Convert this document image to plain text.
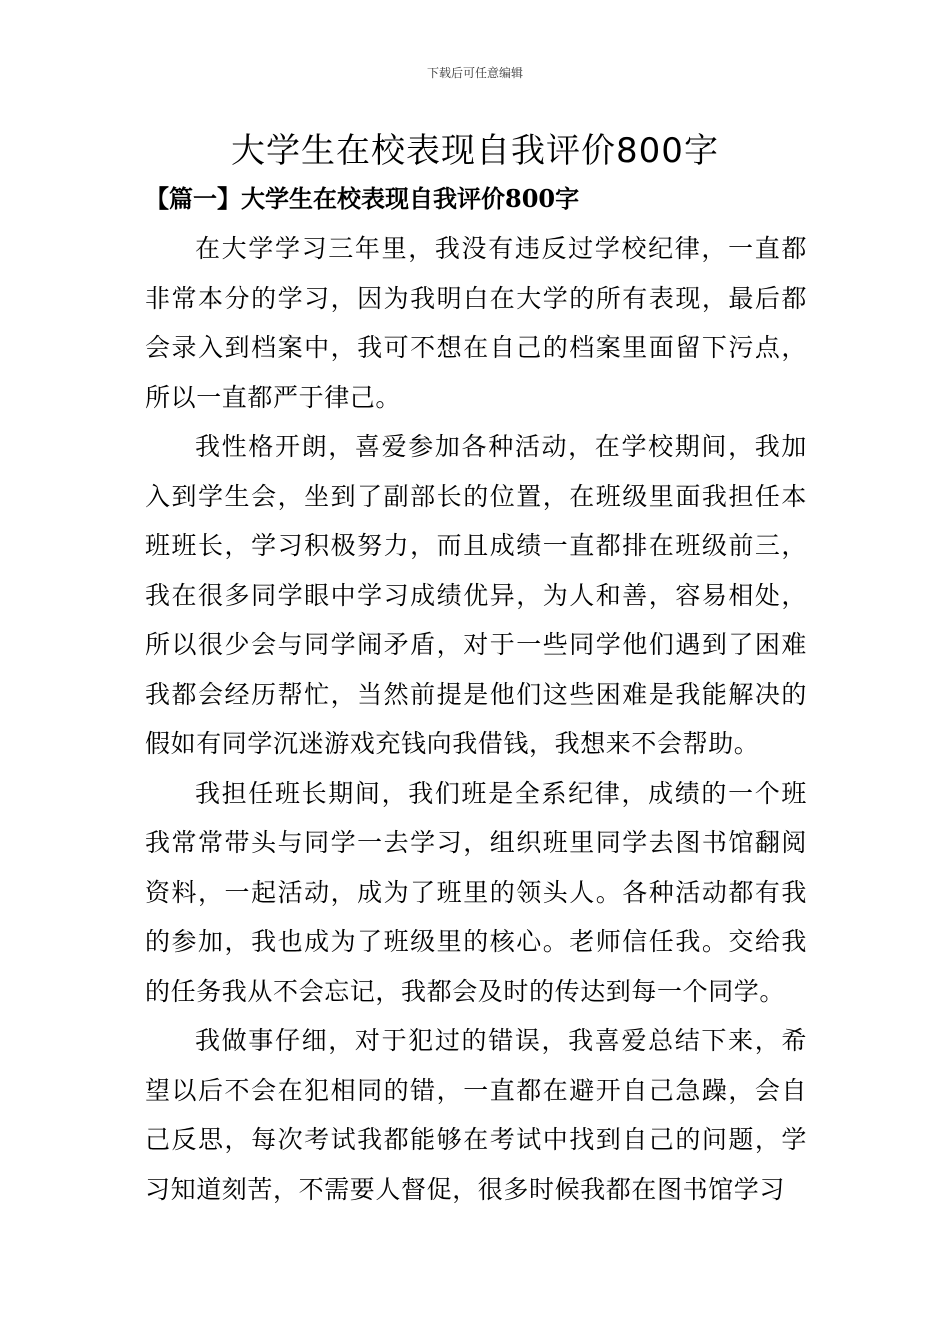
下载后可任意编辑
大学生在校表现自我评价800字
【篇一】大学生在校表现自我评价800字

在大学学习三年里，我没有违反过学校纪律，一直都非常本分的学习，因为我明白在大学的所有表现，最后都会录入到档案中，我可不想在自己的档案里面留下污点，所以一直都严于律己。

我性格开朗，喜爱参加各种活动，在学校期间，我加入到学生会，坐到了副部长的位置，在班级里面我担任本班班长，学习积极努力，而且成绩一直都排在班级前三，我在很多同学眼中学习成绩优异，为人和善，容易相处，所以很少会与同学闹矛盾，对于一些同学他们遇到了困难我都会经历帮忙，当然前提是他们这些困难是我能解决的假如有同学沉迷游戏充钱向我借钱，我想来不会帮助。

我担任班长期间，我们班是全系纪律，成绩的一个班我常常带头与同学一去学习，组织班里同学去图书馆翻阅资料，一起活动，成为了班里的领头人。各种活动都有我的参加，我也成为了班级里的核心。老师信任我。交给我的任务我从不会忘记，我都会及时的传达到每一个同学。

我做事仔细，对于犯过的错误，我喜爱总结下来，希望以后不会在犯相同的错，一直都在避开自己急躁，会自己反思，每次考试我都能够在考试中找到自己的问题，学习知道刻苦，不需要人督促，很多时候我都在图书馆学习
